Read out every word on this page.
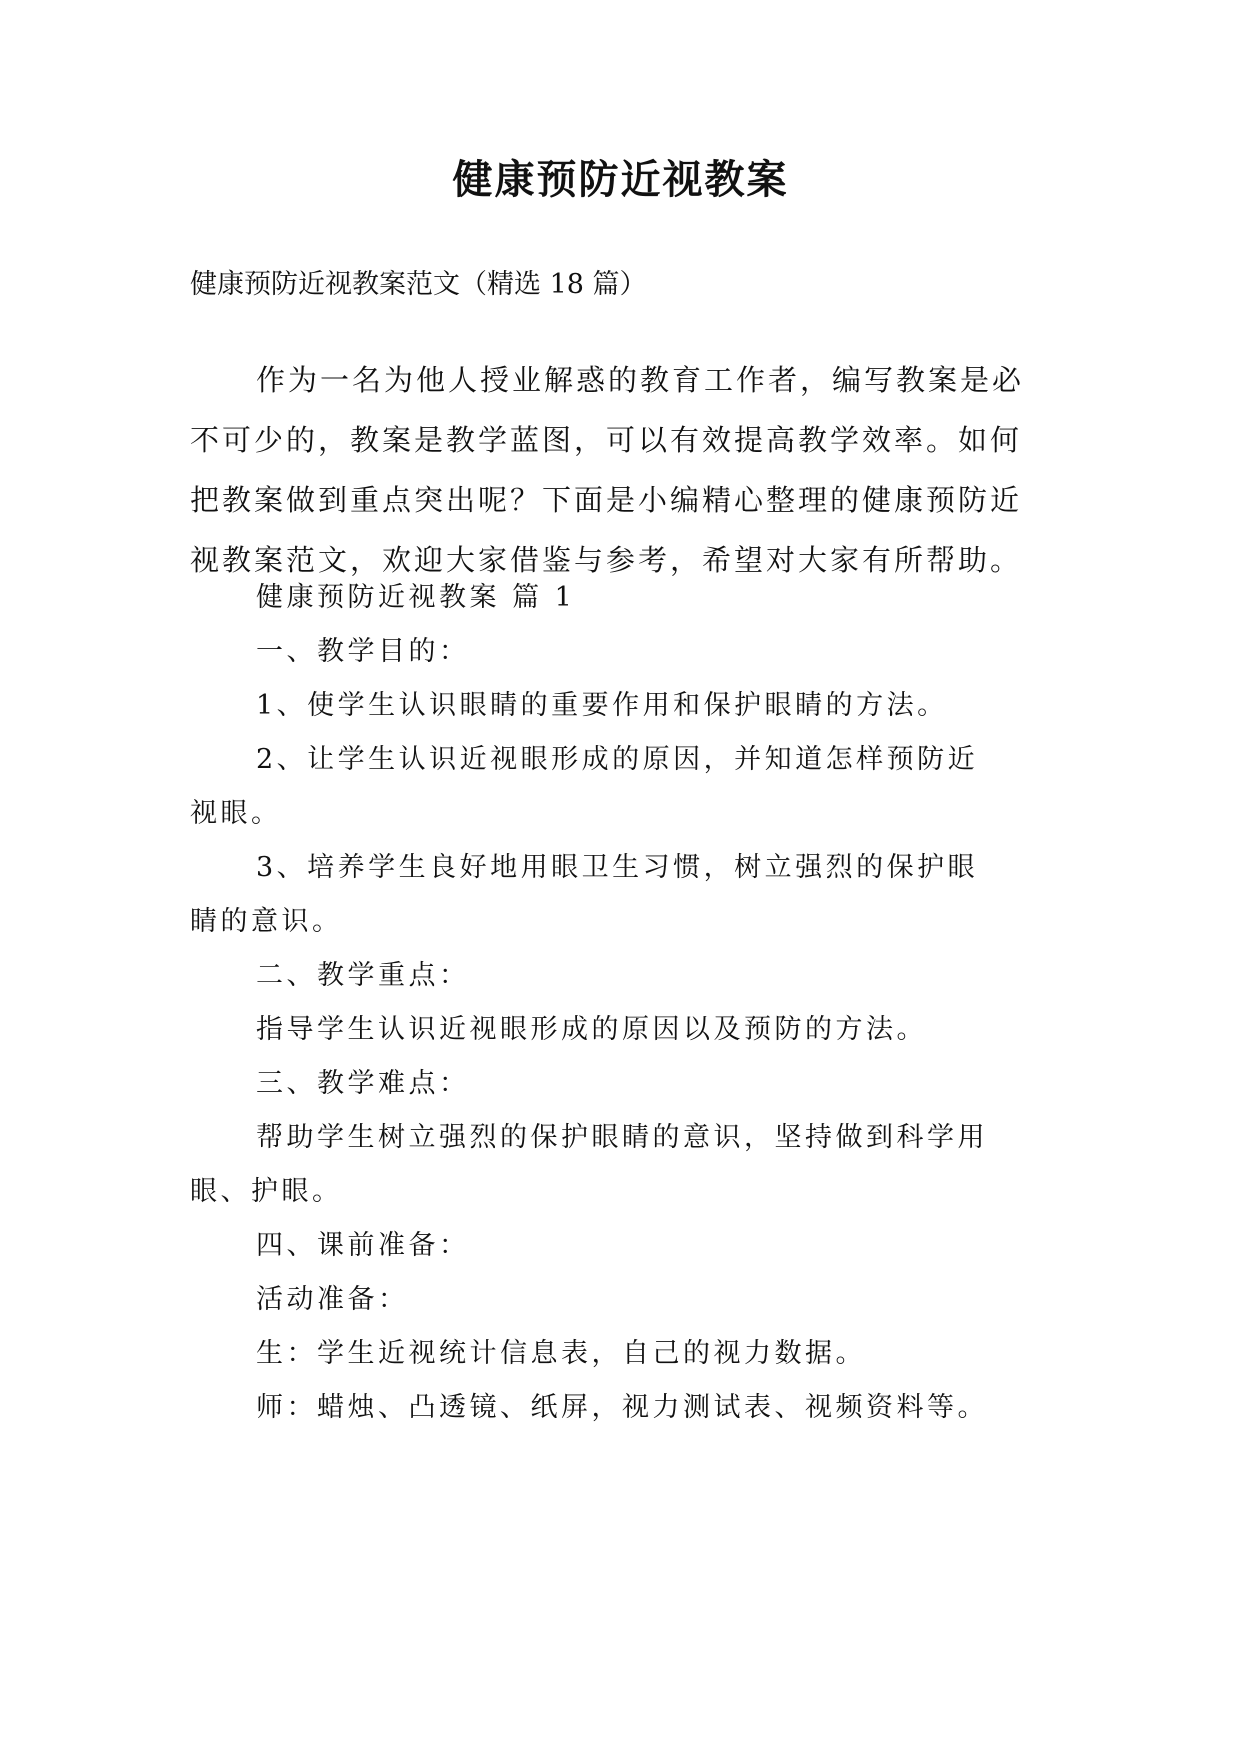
健康预防近视教案
健康预防近视教案范文（精选 18 篇）

作为一名为他人授业解惑的教育工作者，编写教案是必不可少的，教案是教学蓝图，可以有效提高教学效率。如何把教案做到重点突出呢？下面是小编精心整理的健康预防近视教案范文，欢迎大家借鉴与参考，希望对大家有所帮助。

健康预防近视教案 篇 1
一、教学目的：
1、使学生认识眼睛的重要作用和保护眼睛的方法。
2、让学生认识近视眼形成的原因，并知道怎样预防近
视眼。
3、培养学生良好地用眼卫生习惯，树立强烈的保护眼
睛的意识。
二、教学重点：
指导学生认识近视眼形成的原因以及预防的方法。
三、教学难点：
帮助学生树立强烈的保护眼睛的意识，坚持做到科学用
眼、护眼。
四、课前准备：
活动准备：
生：学生近视统计信息表，自己的视力数据。
师：蜡烛、凸透镜、纸屏，视力测试表、视频资料等。
